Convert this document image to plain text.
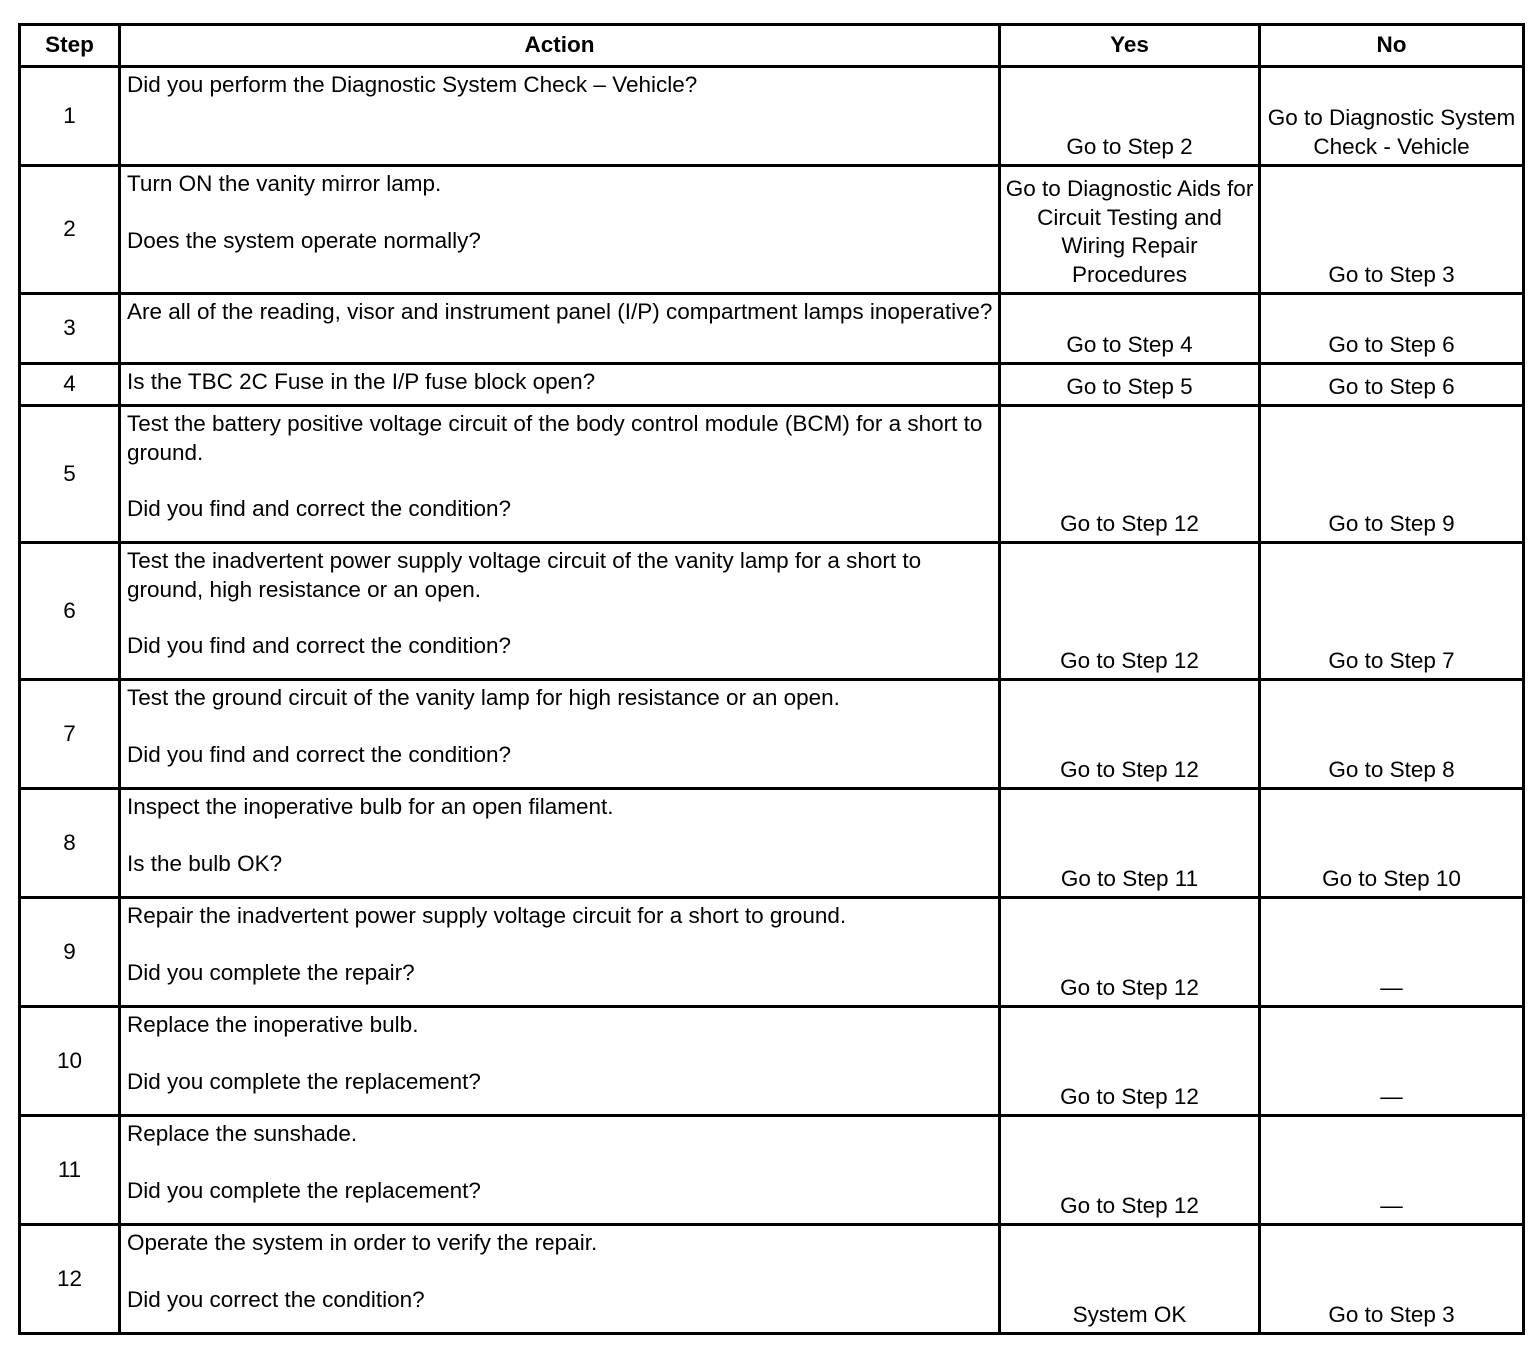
Step	Action	Yes	No
1	Did you perform the Diagnostic System Check – Vehicle?	Go to Step 2	Go to Diagnostic System Check - Vehicle
2	Turn ON the vanity mirror lamp.
Does the system operate normally?	Go to Diagnostic Aids for Circuit Testing and Wiring Repair Procedures	Go to Step 3
3	Are all of the reading, visor and instrument panel (I/P) compartment lamps inoperative?	Go to Step 4	Go to Step 6
4	Is the TBC 2C Fuse in the I/P fuse block open?	Go to Step 5	Go to Step 6
5	Test the battery positive voltage circuit of the body control module (BCM) for a short to ground.
Did you find and correct the condition?	Go to Step 12	Go to Step 9
6	Test the inadvertent power supply voltage circuit of the vanity lamp for a short to ground, high resistance or an open.
Did you find and correct the condition?	Go to Step 12	Go to Step 7
7	Test the ground circuit of the vanity lamp for high resistance or an open.
Did you find and correct the condition?	Go to Step 12	Go to Step 8
8	Inspect the inoperative bulb for an open filament.
Is the bulb OK?	Go to Step 11	Go to Step 10
9	Repair the inadvertent power supply voltage circuit for a short to ground.
Did you complete the repair?	Go to Step 12	—
10	Replace the inoperative bulb.
Did you complete the replacement?	Go to Step 12	—
11	Replace the sunshade.
Did you complete the replacement?	Go to Step 12	—
12	Operate the system in order to verify the repair.
Did you correct the condition?	System OK	Go to Step 3
